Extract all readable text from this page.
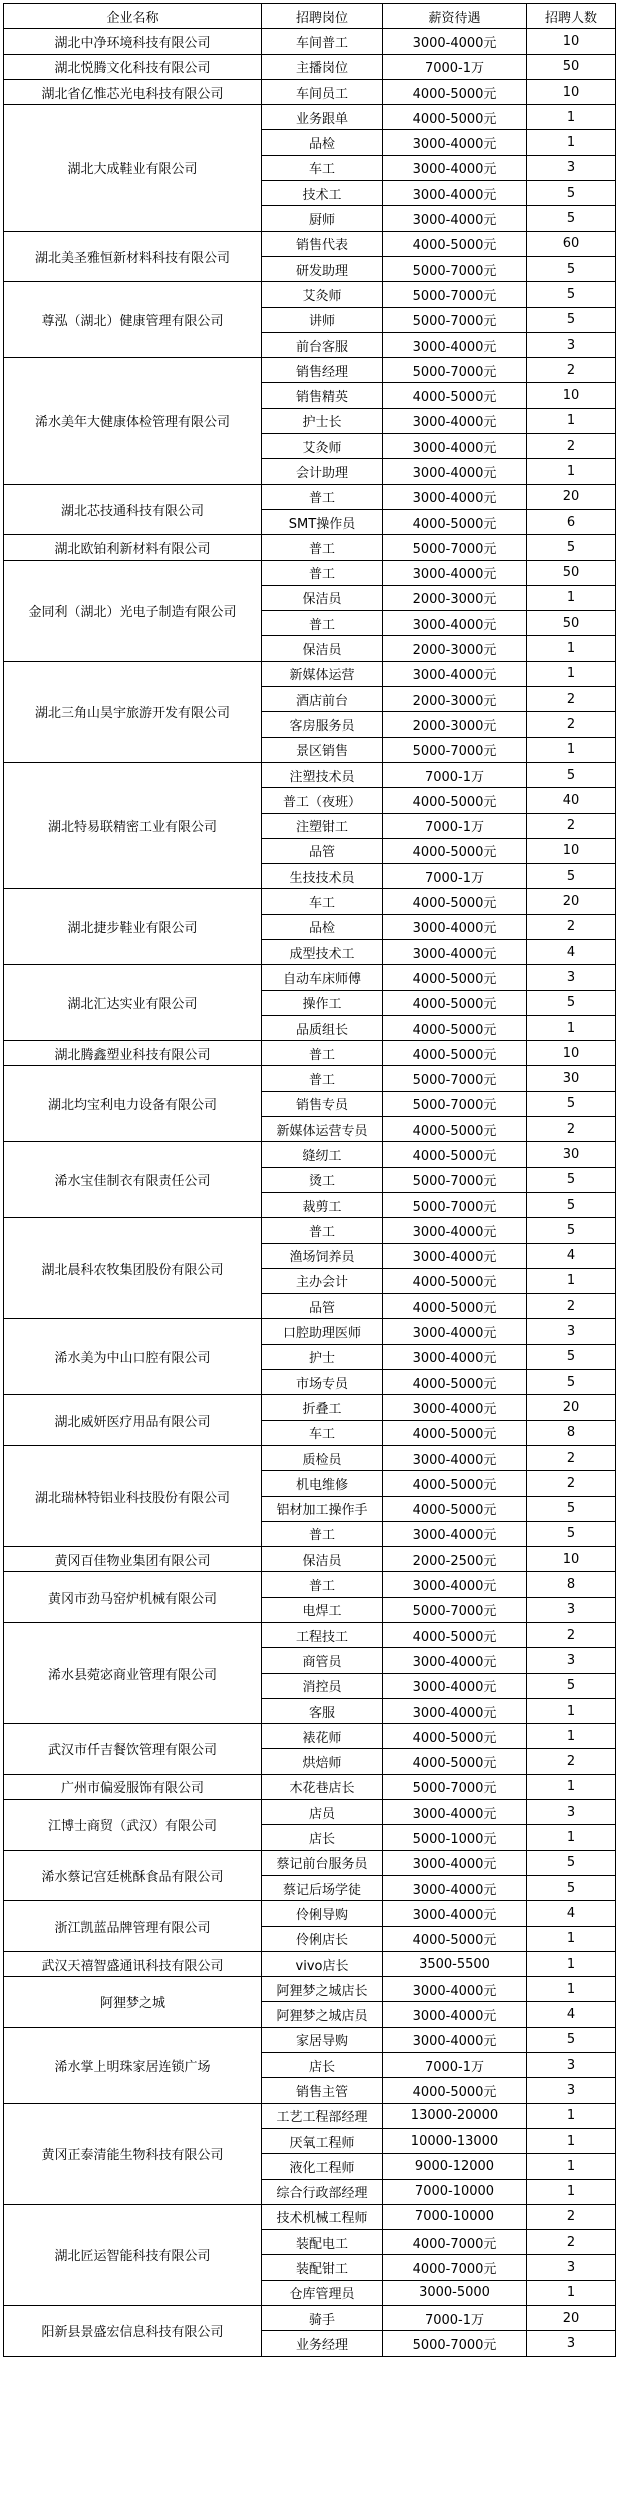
企业名称	招聘岗位	薪资待遇	招聘人数
湖北中净环境科技有限公司	车间普工	3000-4000元	10
湖北悦腾文化科技有限公司	主播岗位	7000-1万	50
湖北省亿惟芯光电科技有限公司	车间员工	4000-5000元	10
湖北大成鞋业有限公司	业务跟单	4000-5000元	1
	品检	3000-4000元	1
	车工	3000-4000元	3
	技术工	3000-4000元	5
	厨师	3000-4000元	5
湖北美圣雅恒新材料科技有限公司	销售代表	4000-5000元	60
	研发助理	5000-7000元	5
尊泓（湖北）健康管理有限公司	艾灸师	5000-7000元	5
	讲师	5000-7000元	5
	前台客服	3000-4000元	3
浠水美年大健康体检管理有限公司	销售经理	5000-7000元	2
	销售精英	4000-5000元	10
	护士长	3000-4000元	1
	艾灸师	3000-4000元	2
	会计助理	3000-4000元	1
湖北芯技通科技有限公司	普工	3000-4000元	20
	SMT操作员	4000-5000元	6
湖北欧铂利新材料有限公司	普工	5000-7000元	5
金同利（湖北）光电子制造有限公司	普工	3000-4000元	50
	保洁员	2000-3000元	1
	普工	3000-4000元	50
	保洁员	2000-3000元	1
湖北三角山昊宇旅游开发有限公司	新媒体运营	3000-4000元	1
	酒店前台	2000-3000元	2
	客房服务员	2000-3000元	2
	景区销售	5000-7000元	1
湖北特易联精密工业有限公司	注塑技术员	7000-1万	5
	普工（夜班）	4000-5000元	40
	注塑钳工	7000-1万	2
	品管	4000-5000元	10
	生技技术员	7000-1万	5
湖北捷步鞋业有限公司	车工	4000-5000元	20
	品检	3000-4000元	2
	成型技术工	3000-4000元	4
湖北汇达实业有限公司	自动车床师傅	4000-5000元	3
	操作工	4000-5000元	5
	品质组长	4000-5000元	1
湖北腾鑫塑业科技有限公司	普工	4000-5000元	10
湖北均宝利电力设备有限公司	普工	5000-7000元	30
	销售专员	5000-7000元	5
	新媒体运营专员	4000-5000元	2
浠水宝佳制衣有限责任公司	缝纫工	4000-5000元	30
	烫工	5000-7000元	5
	裁剪工	5000-7000元	5
湖北晨科农牧集团股份有限公司	普工	3000-4000元	5
	渔场饲养员	3000-4000元	4
	主办会计	4000-5000元	1
	品管	4000-5000元	2
浠水美为中山口腔有限公司	口腔助理医师	3000-4000元	3
	护士	3000-4000元	5
	市场专员	4000-5000元	5
湖北威妍医疗用品有限公司	折叠工	3000-4000元	20
	车工	4000-5000元	8
湖北瑞林特铝业科技股份有限公司	质检员	3000-4000元	2
	机电维修	4000-5000元	2
	铝材加工操作手	4000-5000元	5
	普工	3000-4000元	5
黄冈百佳物业集团有限公司	保洁员	2000-2500元	10
黄冈市劲马窑炉机械有限公司	普工	3000-4000元	8
	电焊工	5000-7000元	3
浠水县菀宓商业管理有限公司	工程技工	4000-5000元	2
	商管员	3000-4000元	3
	消控员	3000-4000元	5
	客服	3000-4000元	1
武汉市仟吉餐饮管理有限公司	裱花师	4000-5000元	1
	烘焙师	4000-5000元	2
广州市偏爱服饰有限公司	木花巷店长	5000-7000元	1
江博士商贸（武汉）有限公司	店员	3000-4000元	3
	店长	5000-1000元	1
浠水蔡记宫廷桃酥食品有限公司	蔡记前台服务员	3000-4000元	5
	蔡记后场学徒	3000-4000元	5
浙江凯蓝品牌管理有限公司	伶俐导购	3000-4000元	4
	伶俐店长	4000-5000元	1
武汉天禧智盛通讯科技有限公司	vivo店长	3500-5500	1
阿狸梦之城	阿狸梦之城店长	3000-4000元	1
	阿狸梦之城店员	3000-4000元	4
浠水掌上明珠家居连锁广场	家居导购	3000-4000元	5
	店长	7000-1万	3
	销售主管	4000-5000元	3
黄冈正泰清能生物科技有限公司	工艺工程部经理	13000-20000	1
	厌氧工程师	10000-13000	1
	液化工程师	9000-12000	1
	综合行政部经理	7000-10000	1
湖北匠运智能科技有限公司	技术机械工程师	7000-10000	2
	装配电工	4000-7000元	2
	装配钳工	4000-7000元	3
	仓库管理员	3000-5000	1
阳新县景盛宏信息科技有限公司	骑手	7000-1万	20
	业务经理	5000-7000元	3
